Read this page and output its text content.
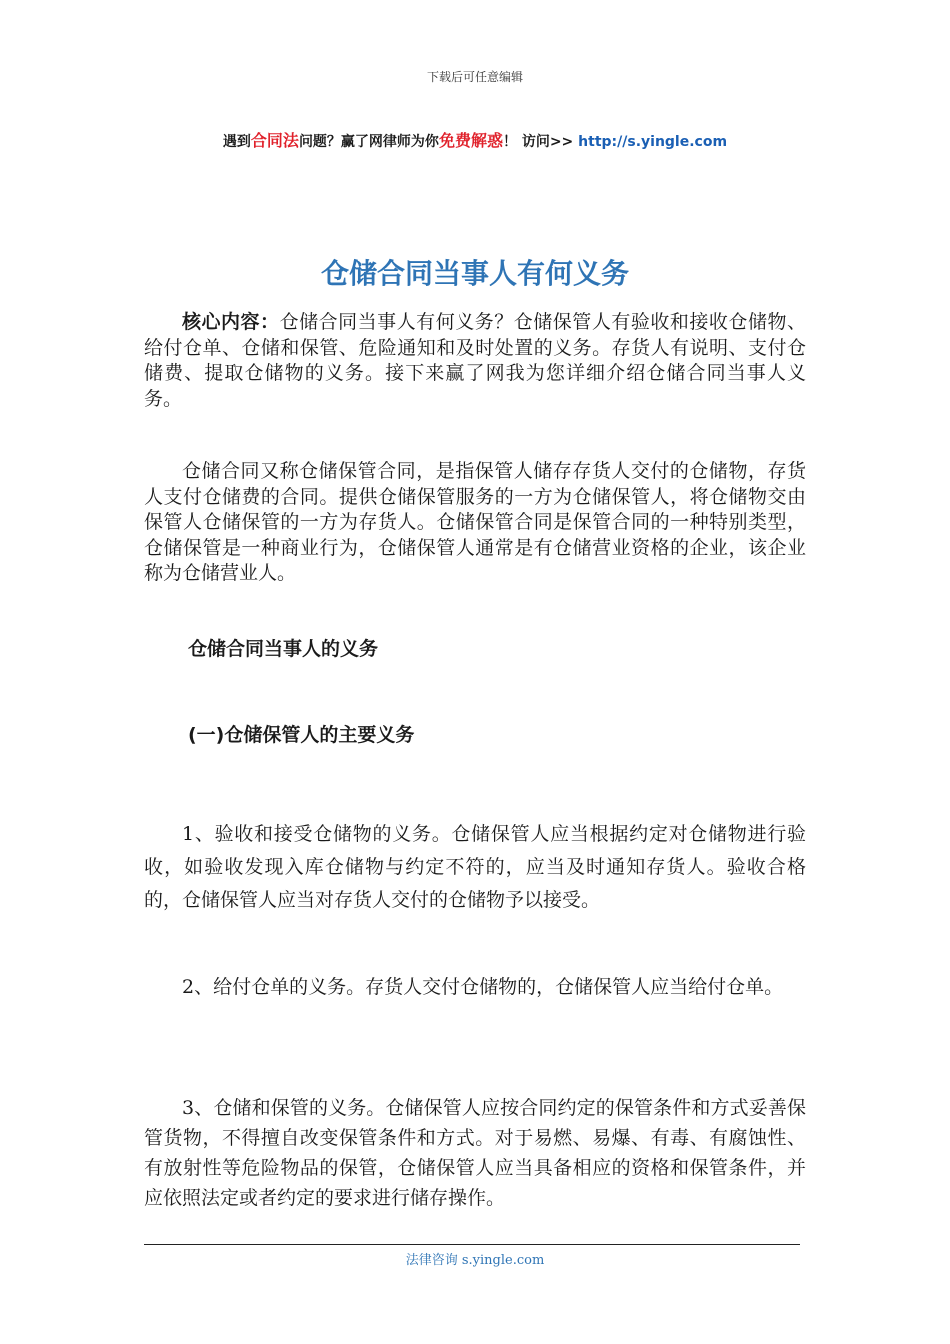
下载后可任意编辑
遇到合同法问题？赢了网律师为你免费解惑！ 访问>> http://s.yingle.com
仓储合同当事人有何义务

核心内容：仓储合同当事人有何义务？仓储保管人有验收和接收仓储物、给付仓单、仓储和保管、危险通知和及时处置的义务。存货人有说明、支付仓储费、提取仓储物的义务。接下来赢了网我为您详细介绍仓储合同当事人义务。

仓储合同又称仓储保管合同，是指保管人储存存货人交付的仓储物，存货人支付仓储费的合同。提供仓储保管服务的一方为仓储保管人，将仓储物交由保管人仓储保管的一方为存货人。仓储保管合同是保管合同的一种特别类型，仓储保管是一种商业行为，仓储保管人通常是有仓储营业资格的企业，该企业称为仓储营业人。

仓储合同当事人的义务
(一)仓储保管人的主要义务

1、验收和接受仓储物的义务。仓储保管人应当根据约定对仓储物进行验收，如验收发现入库仓储物与约定不符的，应当及时通知存货人。验收合格的，仓储保管人应当对存货人交付的仓储物予以接受。

2、给付仓单的义务。存货人交付仓储物的，仓储保管人应当给付仓单。

3、仓储和保管的义务。仓储保管人应按合同约定的保管条件和方式妥善保管货物，不得擅自改变保管条件和方式。对于易燃、易爆、有毒、有腐蚀性、有放射性等危险物品的保管，仓储保管人应当具备相应的资格和保管条件，并应依照法定或者约定的要求进行储存操作。

法律咨询 s.yingle.com
